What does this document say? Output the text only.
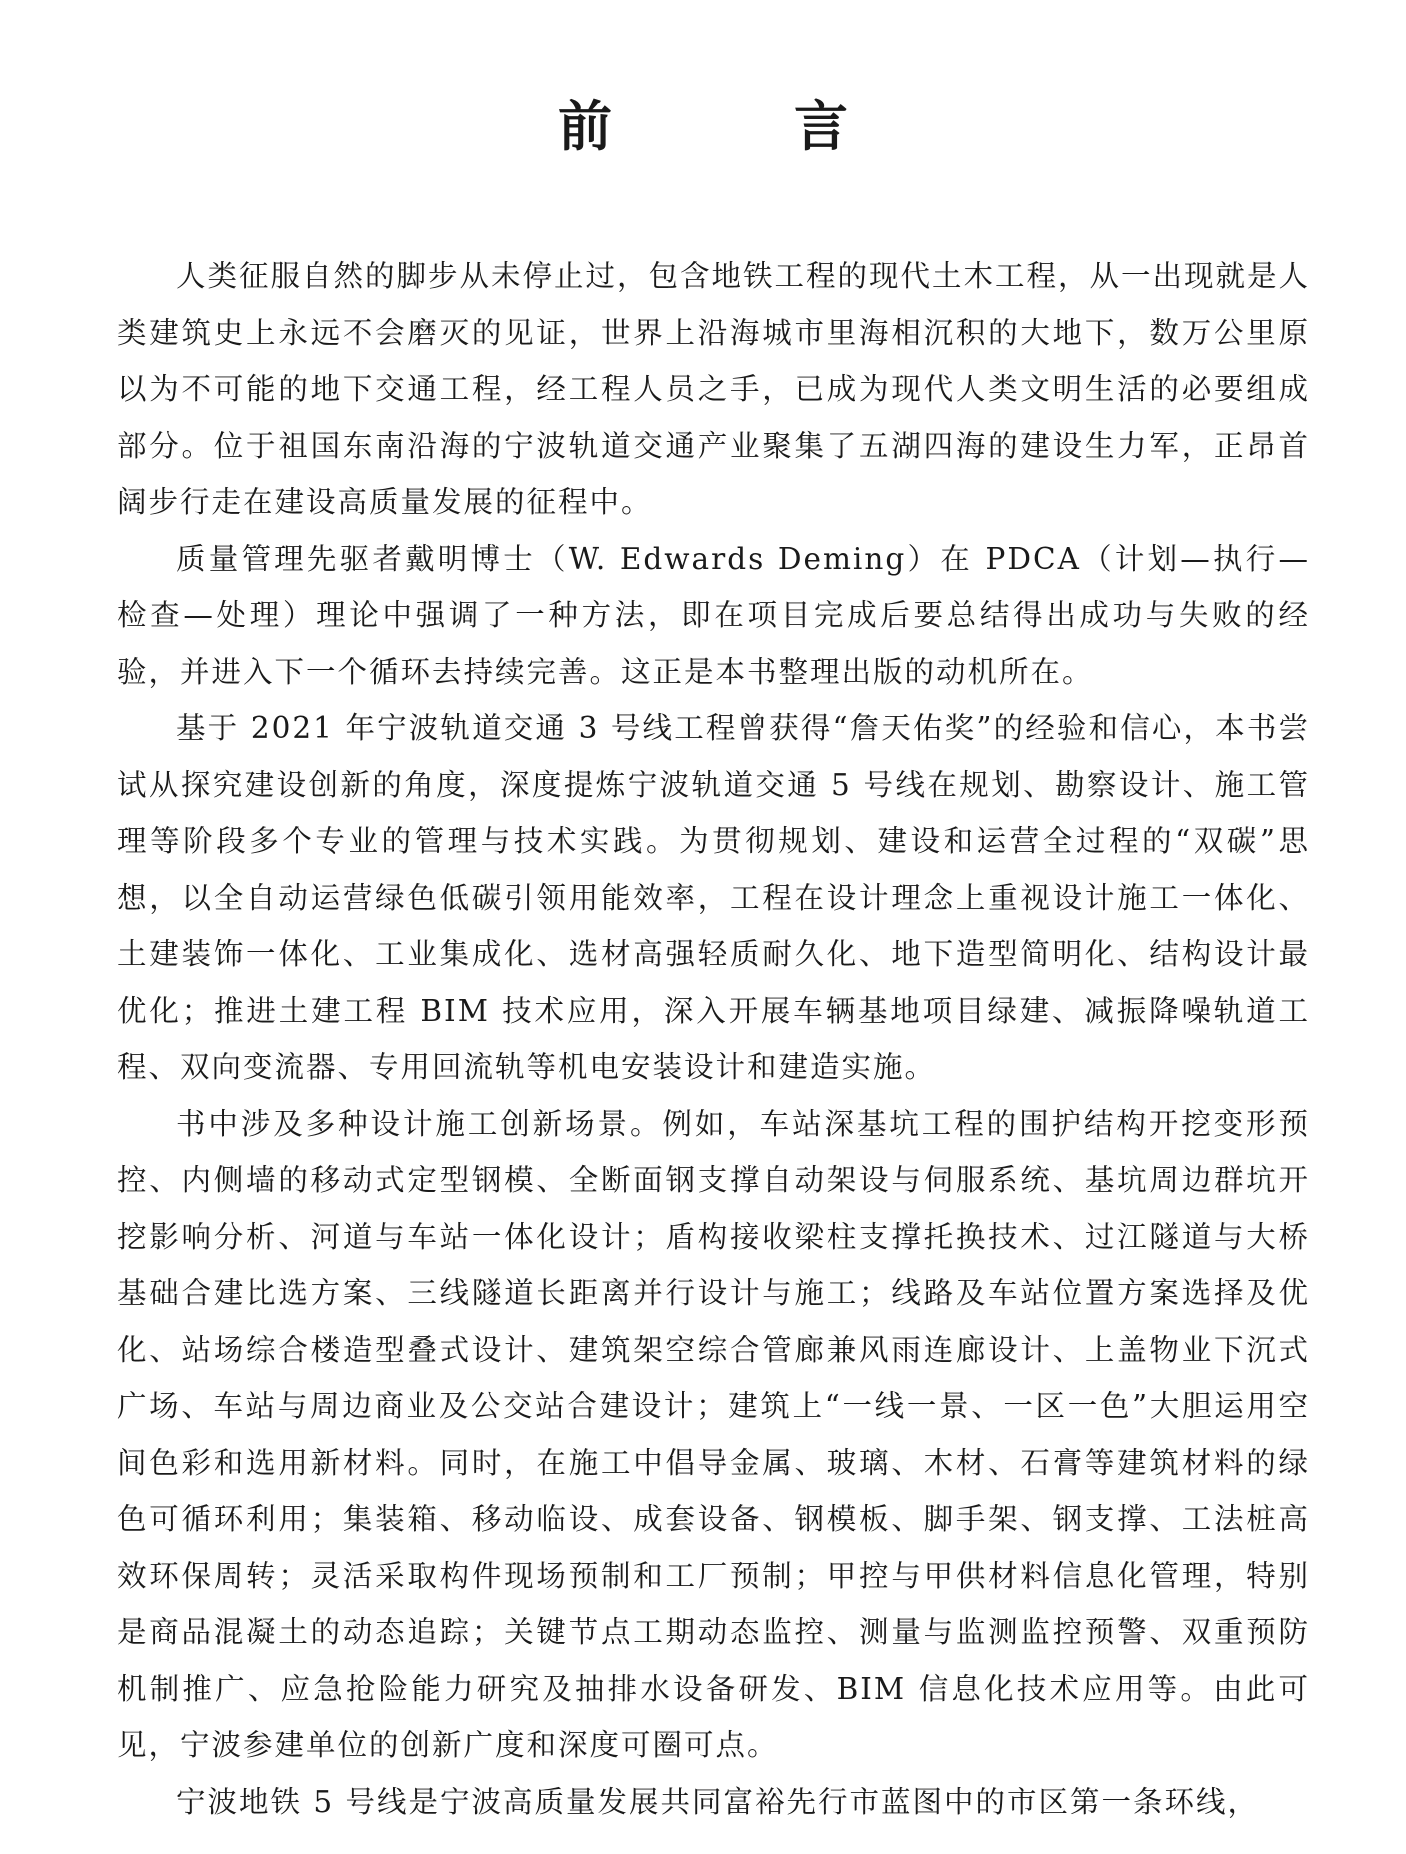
前　言

人类征服自然的脚步从未停止过，包含地铁工程的现代土木工程，从一出现就是人类建筑史上永远不会磨灭的见证，世界上沿海城市里海相沉积的大地下，数万公里原以为不可能的地下交通工程，经工程人员之手，已成为现代人类文明生活的必要组成部分。位于祖国东南沿海的宁波轨道交通产业聚集了五湖四海的建设生力军，正昂首阔步行走在建设高质量发展的征程中。

质量管理先驱者戴明博士（W. Edwards Deming）在 PDCA（计划—执行—检查—处理）理论中强调了一种方法，即在项目完成后要总结得出成功与失败的经验，并进入下一个循环去持续完善。这正是本书整理出版的动机所在。

基于 2021 年宁波轨道交通 3 号线工程曾获得“詹天佑奖”的经验和信心，本书尝试从探究建设创新的角度，深度提炼宁波轨道交通 5 号线在规划、勘察设计、施工管理等阶段多个专业的管理与技术实践。为贯彻规划、建设和运营全过程的“双碳”思想，以全自动运营绿色低碳引领用能效率，工程在设计理念上重视设计施工一体化、土建装饰一体化、工业集成化、选材高强轻质耐久化、地下造型简明化、结构设计最优化；推进土建工程 BIM 技术应用，深入开展车辆基地项目绿建、减振降噪轨道工程、双向变流器、专用回流轨等机电安装设计和建造实施。

书中涉及多种设计施工创新场景。例如，车站深基坑工程的围护结构开挖变形预控、内侧墙的移动式定型钢模、全断面钢支撑自动架设与伺服系统、基坑周边群坑开挖影响分析、河道与车站一体化设计；盾构接收梁柱支撑托换技术、过江隧道与大桥基础合建比选方案、三线隧道长距离并行设计与施工；线路及车站位置方案选择及优化、站场综合楼造型叠式设计、建筑架空综合管廊兼风雨连廊设计、上盖物业下沉式广场、车站与周边商业及公交站合建设计；建筑上“一线一景、一区一色”大胆运用空间色彩和选用新材料。同时，在施工中倡导金属、玻璃、木材、石膏等建筑材料的绿色可循环利用；集装箱、移动临设、成套设备、钢模板、脚手架、钢支撑、工法桩高效环保周转；灵活采取构件现场预制和工厂预制；甲控与甲供材料信息化管理，特别是商品混凝土的动态追踪；关键节点工期动态监控、测量与监测监控预警、双重预防机制推广、应急抢险能力研究及抽排水设备研发、BIM 信息化技术应用等。由此可见，宁波参建单位的创新广度和深度可圈可点。

宁波地铁 5 号线是宁波高质量发展共同富裕先行市蓝图中的市区第一条环线，
